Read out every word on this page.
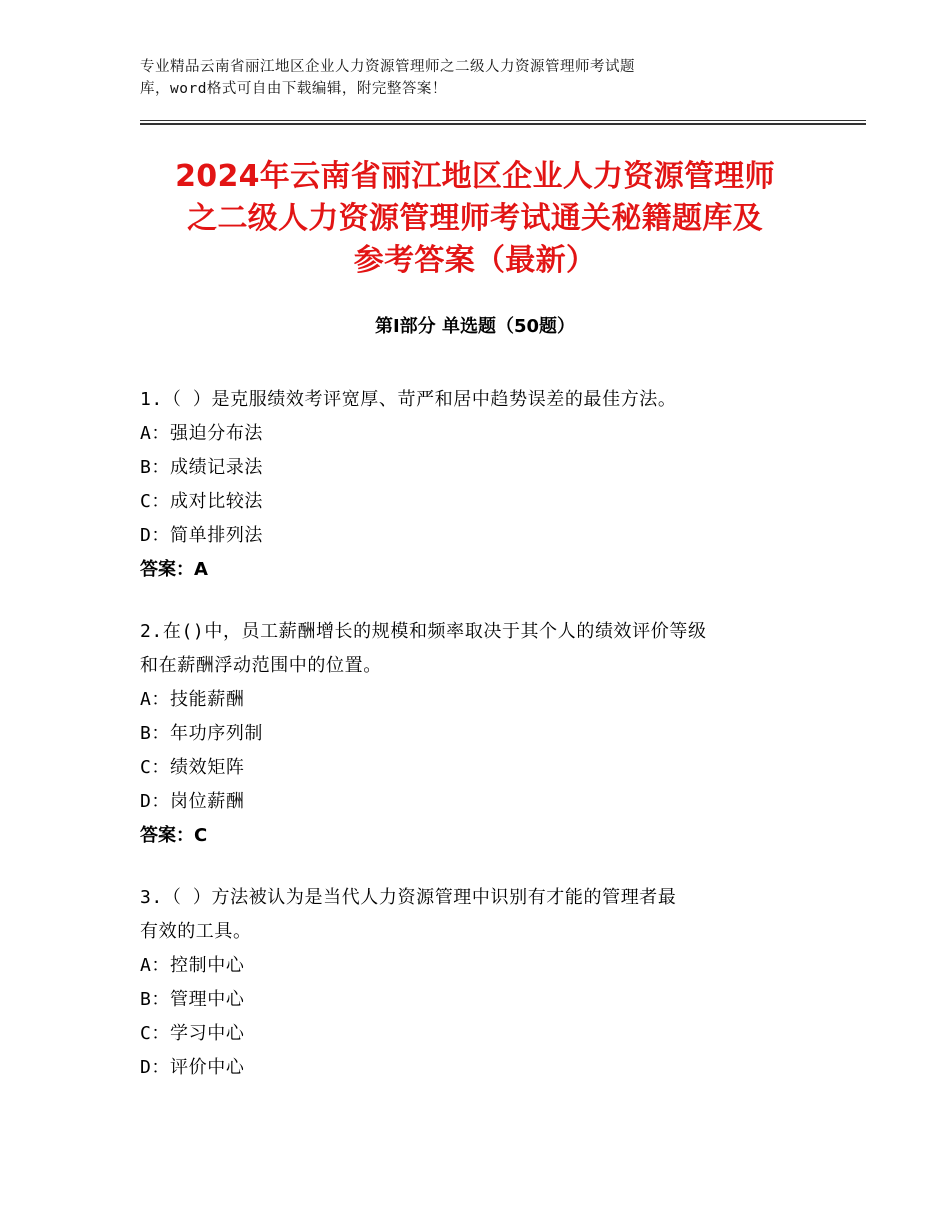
专业精品云南省丽江地区企业人力资源管理师之二级人力资源管理师考试题
库，word格式可自由下载编辑，附完整答案！
2024年云南省丽江地区企业人力资源管理师
之二级人力资源管理师考试通关秘籍题库及
参考答案（最新）
第Ⅰ部分 单选题（50题）
1.（ ）是克服绩效考评宽厚、苛严和居中趋势误差的最佳方法。
A：强迫分布法
B：成绩记录法
C：成对比较法
D：简单排列法
答案：A
2.在()中，员工薪酬增长的规模和频率取决于其个人的绩效评价等级
和在薪酬浮动范围中的位置。
A：技能薪酬
B：年功序列制
C：绩效矩阵
D：岗位薪酬
答案：C
3.（ ）方法被认为是当代人力资源管理中识别有才能的管理者最
有效的工具。
A：控制中心
B：管理中心
C：学习中心
D：评价中心
